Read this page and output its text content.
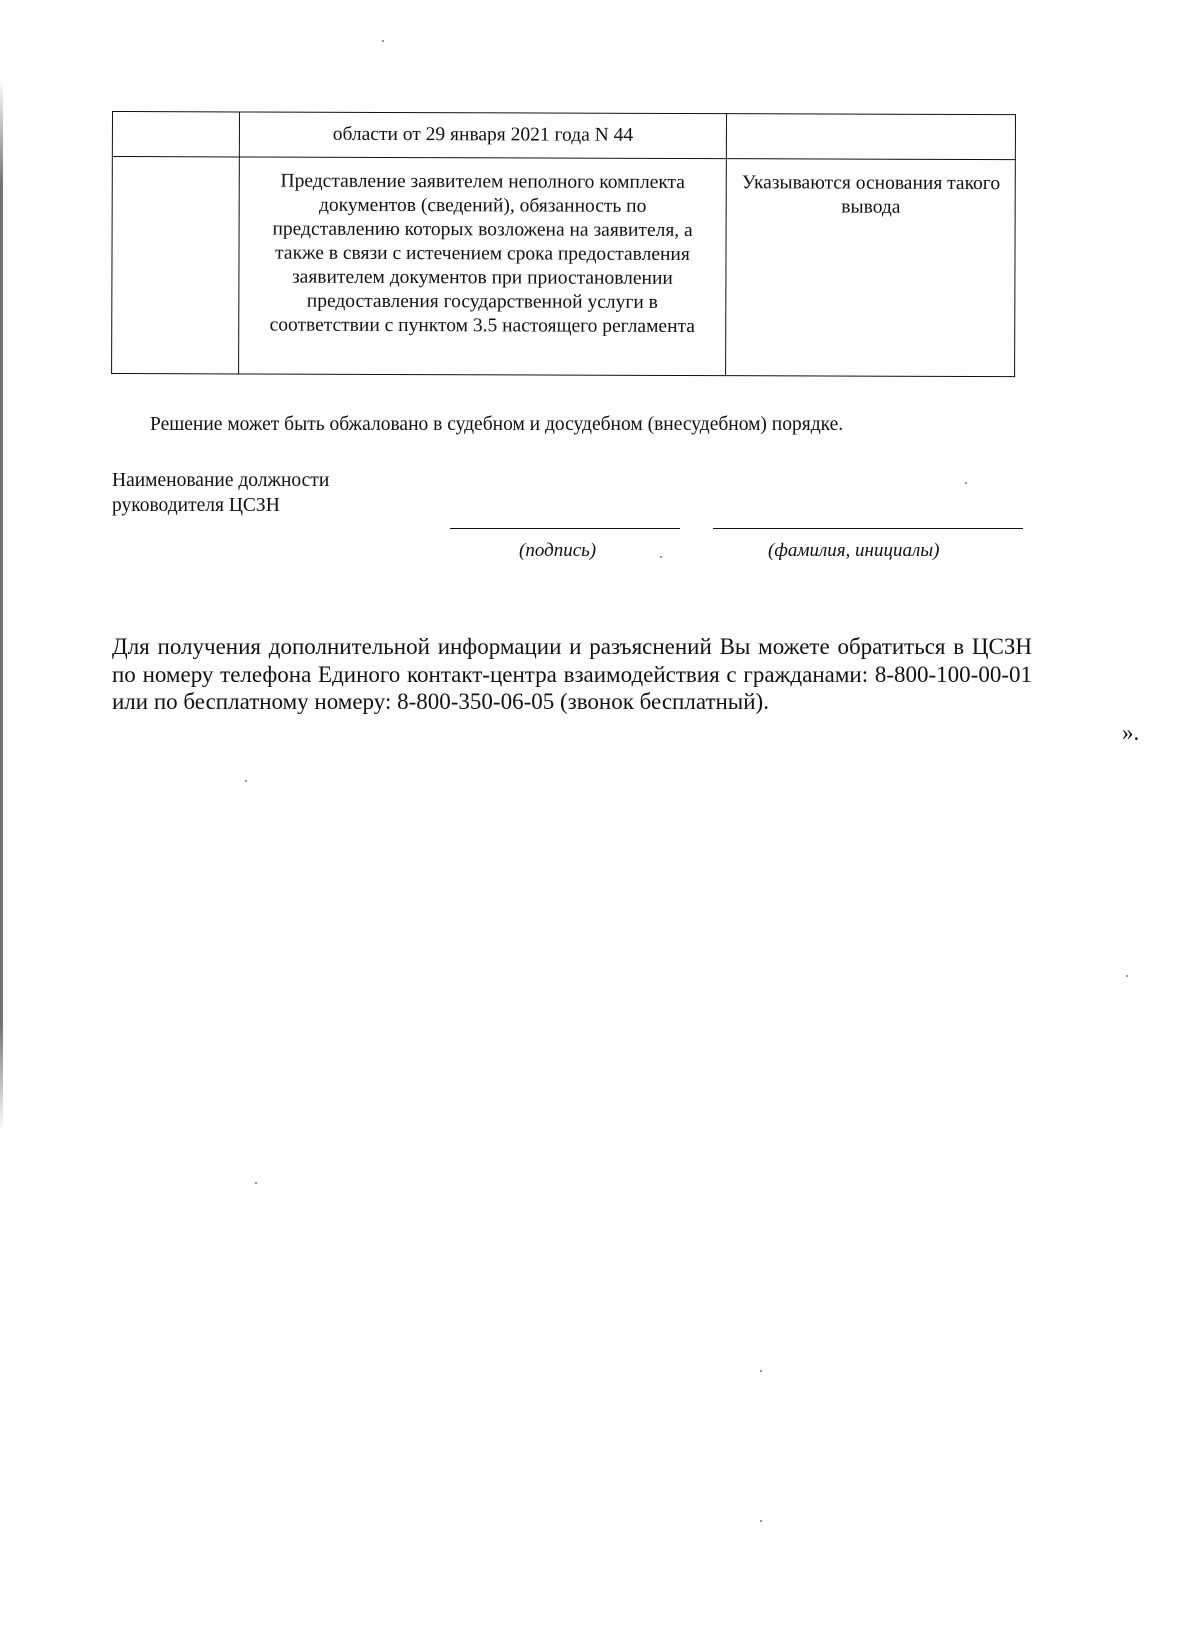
	области от 29 января 2021 года N 44	

	Представление заявителем неполного комплекта документов (сведений), обязанность по представлению которых возложена на заявителя, а также в связи с истечением срока предоставления заявителем документов при приостановлении предоставления государственной услуги в соответствии с пунктом 3.5 настоящего регламента	Указываются основания такого вывода
Решение может быть обжаловано в судебном и досудебном (внесудебном) порядке.
Наименование должности
руководителя ЦСЗН
(подпись)	(фамилия, инициалы)
Для получения дополнительной информации и разъяснений Вы можете обратиться в ЦСЗН по номеру телефона Единого контакт-центра взаимодействия с гражданами: 8-800-100-00-01 или по бесплатному номеру: 8-800-350-06-05 (звонок бесплатный).
».
